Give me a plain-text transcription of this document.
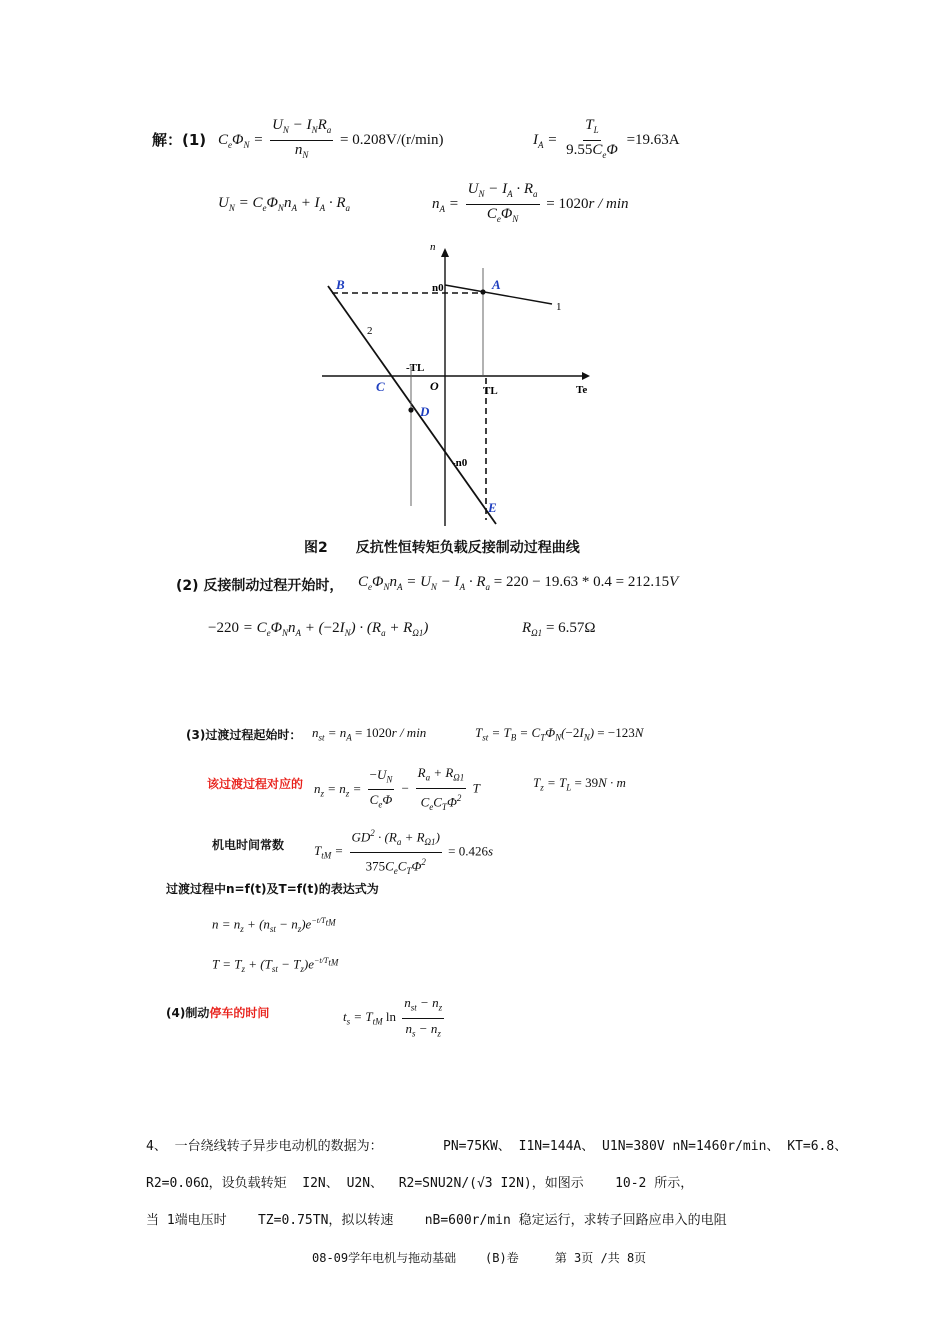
解：(1) $C_e\Phi_N = \frac{U_N - I_NR_a}{n_N} = 0.208V/(r/\min)$	$I_A = \frac{T_L}{9.55C_e\Phi} =19.63A$
$U_N = C_e\Phi_Nn_A + I_A \cdot R_a$	$n_A = \frac{U_N - I_A \cdot R_a}{C_e\Phi_N} = 1020r / \min$
n
Te
O
A
B
C
D
E
n0
-n0
TL
-TL
1
2
图2　　反抗性恒转矩负载反接制动过程曲线
(2) 反接制动过程开始时， $C_e\Phi_Nn_A = U_N - I_A \cdot R_a = 220 - 19.63 * 0.4 = 212.15V$
$-220 = C_e\Phi_Nn_A + (-2I_N) \cdot (R_a + R_{\Omega 1})$	$R_{\Omega 1} = 6.57\Omega$
(3)过渡过程起始时： $n_{st} = n_A = 1020r / \min$	$T_{st} = T_B = C_T\Phi_N(-2I_N) = -123N$
该过渡过程对应的 $n_z = n_z = \frac{-U_N}{C_e\Phi} - \frac{R_a + R_{\Omega 1}}{C_eC_T\Phi^2}$ T	$T_z = T_L = 39N \cdot m$
机电时间常数 $T_{tM} = \frac{GD^2 \cdot (R_a + R_{\Omega 1})}{375C_eC_T\Phi^2} = 0.426s$
过渡过程中n=f(t)及T=f(t)的表达式为
$n = n_z + (n_{st} - n_z)e^{-t/T_{tM}}$
$T = T_z + (T_{st} - T_z)e^{-t/T_{tM}}$
(4)制动停车的时间	$t_s = T_{tM}$ $\ln \frac{n_{st} - n_z}{n_s - n_z}$
4、 一台绕线转子异步电动机的数据为：	PN=75KW、 I1N=144A、 U1N=380V nN=1460r/min、 KT=6.8、
R2=0.06Ω，设负载转矩  I2N、 U2N、  R2=SNU2N/(√3 I2N)，如图示    10-2 所示，
当 1端电压时    TZ=0.75TN，拟以转速    nB=600r/min 稳定运行，求转子回路应串入的电阻
08-09学年电机与拖动基础    (B)卷     第 3页 /共 8页
